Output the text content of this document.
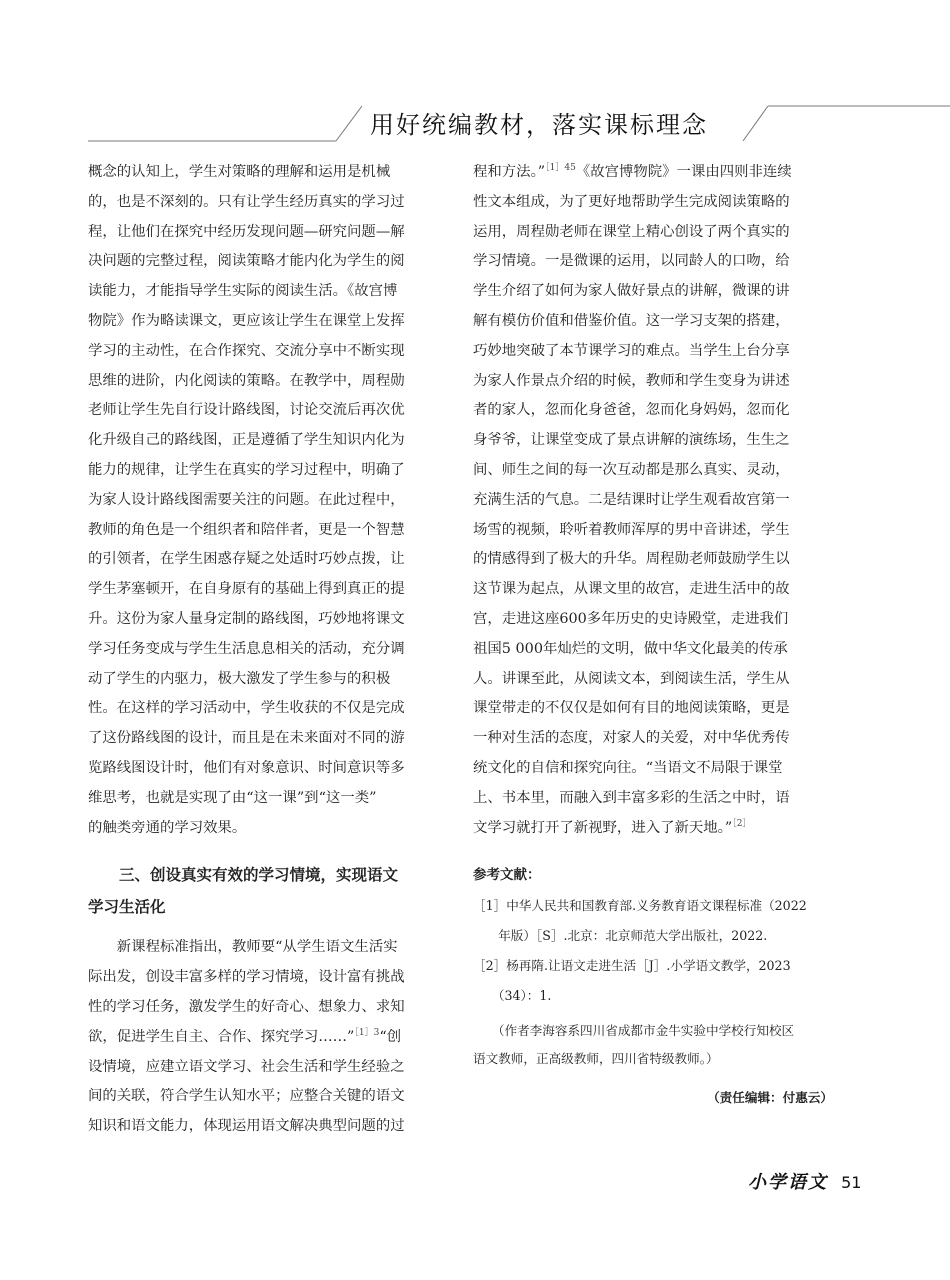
用好统编教材，落实课标理念

概念的认知上，学生对策略的理解和运用是机械
的，也是不深刻的。只有让学生经历真实的学习过
程，让他们在探究中经历发现问题—研究问题—解
决问题的完整过程，阅读策略才能内化为学生的阅
读能力，才能指导学生实际的阅读生活。《故宫博
物院》作为略读课文，更应该让学生在课堂上发挥
学习的主动性，在合作探究、交流分享中不断实现
思维的进阶，内化阅读的策略。在教学中，周程勋
老师让学生先自行设计路线图，讨论交流后再次优
化升级自己的路线图，正是遵循了学生知识内化为
能力的规律，让学生在真实的学习过程中，明确了
为家人设计路线图需要关注的问题。在此过程中，
教师的角色是一个组织者和陪伴者，更是一个智慧
的引领者，在学生困惑存疑之处适时巧妙点拨，让
学生茅塞顿开，在自身原有的基础上得到真正的提
升。这份为家人量身定制的路线图，巧妙地将课文
学习任务变成与学生生活息息相关的活动，充分调
动了学生的内驱力，极大激发了学生参与的积极
性。在这样的学习活动中，学生收获的不仅是完成
了这份路线图的设计，而且是在未来面对不同的游
览路线图设计时，他们有对象意识、时间意识等多
维思考，也就是实现了由“这一课”到“这一类”
的触类旁通的学习效果。

　　三、创设真实有效的学习情境，实现语文
学习生活化

　　新课程标准指出，教师要“从学生语文生活实
际出发，创设丰富多样的学习情境，设计富有挑战
性的学习任务，激发学生的好奇心、想象力、求知
欲，促进学生自主、合作、探究学习……”$^{[1]3}$“创
设情境，应建立语文学习、社会生活和学生经验之
间的关联，符合学生认知水平；应整合关键的语文
知识和语文能力，体现运用语文解决典型问题的过

程和方法。”$^{[1]45}$《故宫博物院》一课由四则非连续
性文本组成，为了更好地帮助学生完成阅读策略的
运用，周程勋老师在课堂上精心创设了两个真实的
学习情境。一是微课的运用，以同龄人的口吻，给
学生介绍了如何为家人做好景点的讲解，微课的讲
解有模仿价值和借鉴价值。这一学习支架的搭建，
巧妙地突破了本节课学习的难点。当学生上台分享
为家人作景点介绍的时候，教师和学生变身为讲述
者的家人，忽而化身爸爸，忽而化身妈妈，忽而化
身爷爷，让课堂变成了景点讲解的演练场，生生之
间、师生之间的每一次互动都是那么真实、灵动，
充满生活的气息。二是结课时让学生观看故宫第一
场雪的视频，聆听着教师浑厚的男中音讲述，学生
的情感得到了极大的升华。周程勋老师鼓励学生以
这节课为起点，从课文里的故宫，走进生活中的故
宫，走进这座600多年历史的史诗殿堂，走进我们
祖国5 000年灿烂的文明，做中华文化最美的传承
人。讲课至此，从阅读文本，到阅读生活，学生从
课堂带走的不仅仅是如何有目的地阅读策略，更是
一种对生活的态度，对家人的关爱，对中华优秀传
统文化的自信和探究向往。“当语文不局限于课堂
上、书本里，而融入到丰富多彩的生活之中时，语
文学习就打开了新视野，进入了新天地。”$^{[2]}$

参考文献：
［1］中华人民共和国教育部.义务教育语文课程标准（2022
　　年版）［S］.北京：北京师范大学出版社，2022.
［2］杨再隋.让语文走进生活［J］.小学语文教学，2023
　　（34）：1.
　　（作者李海容系四川省成都市金牛实验中学校行知校区
语文教师，正高级教师，四川省特级教师。）
（责任编辑：付惠云）
小学语文 51
